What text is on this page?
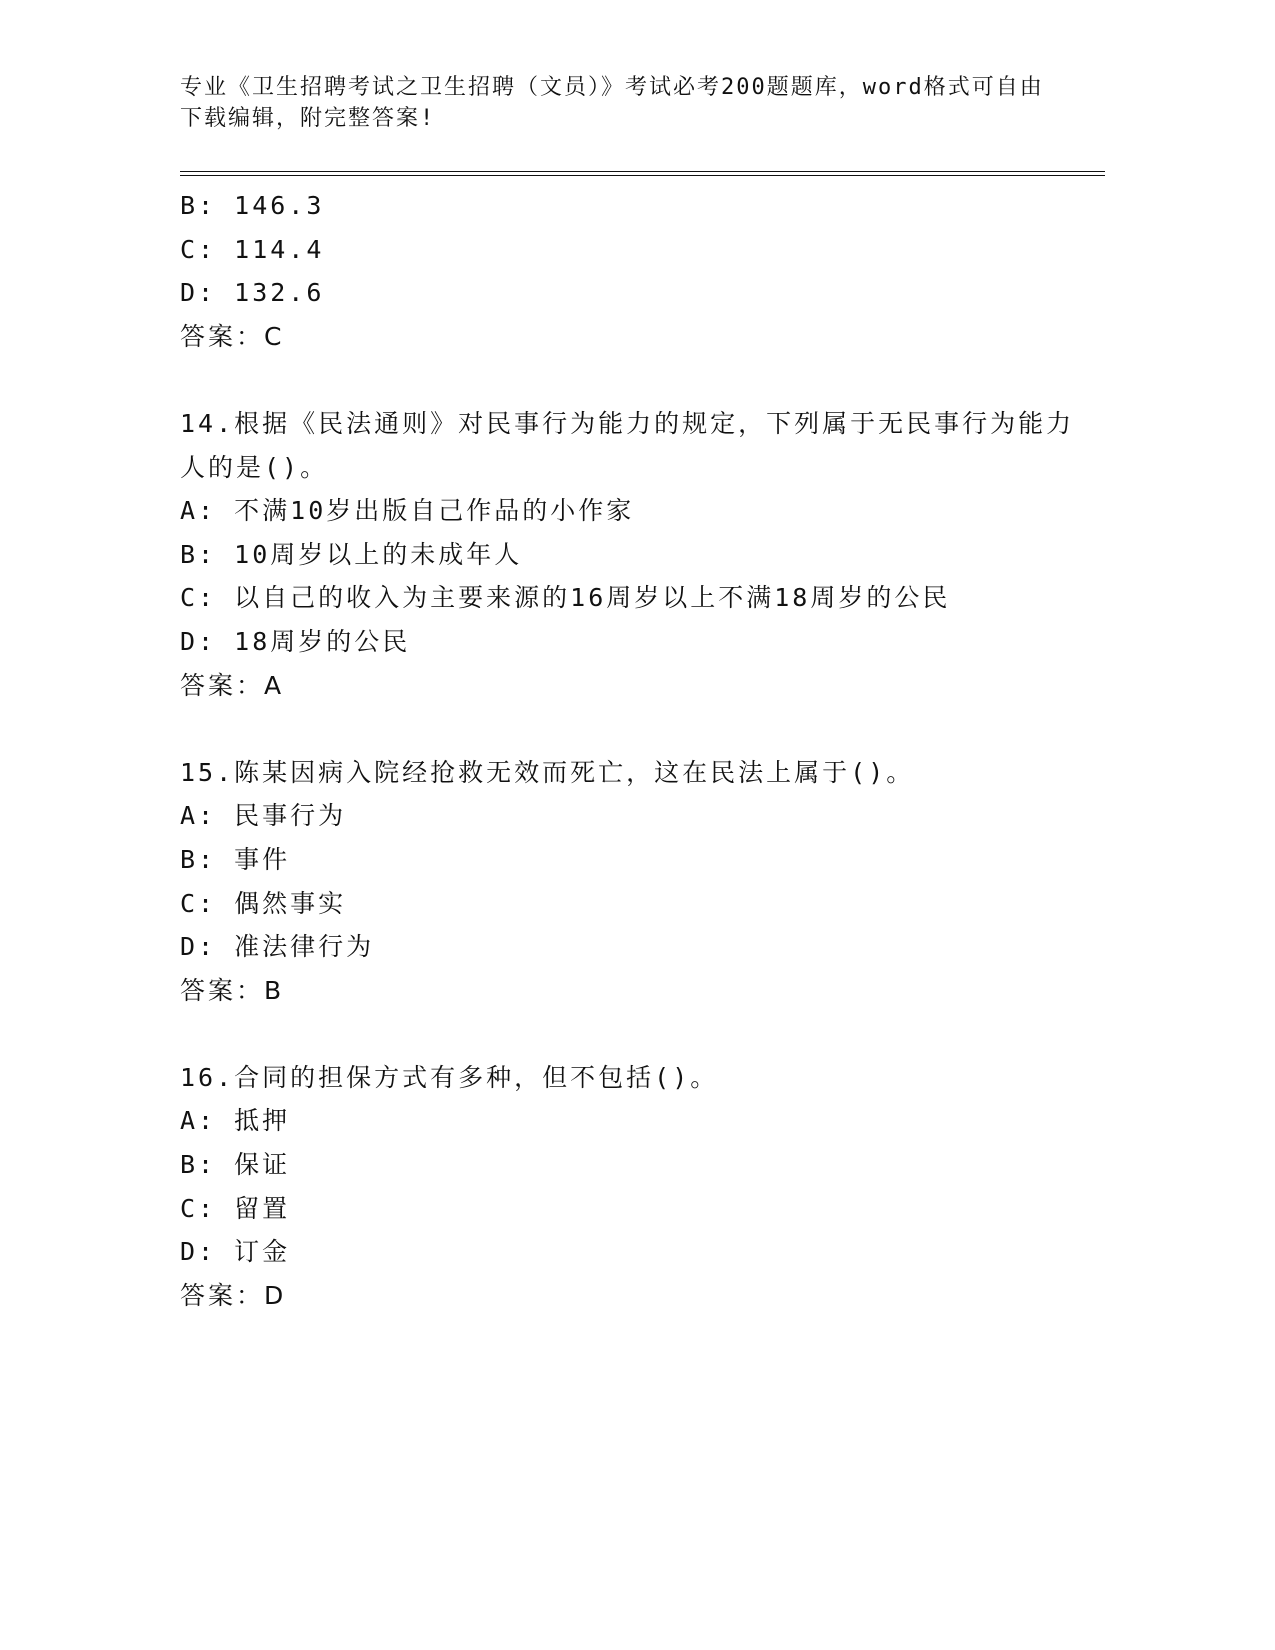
专业《卫生招聘考试之卫生招聘（文员）》考试必考200题题库，word格式可自由下载编辑，附完整答案!
B: 146.3
C: 114.4
D: 132.6
答案：C
14.根据《民法通则》对民事行为能力的规定，下列属于无民事行为能力人的是()。
A: 不满10岁出版自己作品的小作家
B: 10周岁以上的未成年人
C: 以自己的收入为主要来源的16周岁以上不满18周岁的公民
D: 18周岁的公民
答案：A
15.陈某因病入院经抢救无效而死亡，这在民法上属于()。
A: 民事行为
B: 事件
C: 偶然事实
D: 准法律行为
答案：B
16.合同的担保方式有多种，但不包括()。
A: 抵押
B: 保证
C: 留置
D: 订金
答案：D
